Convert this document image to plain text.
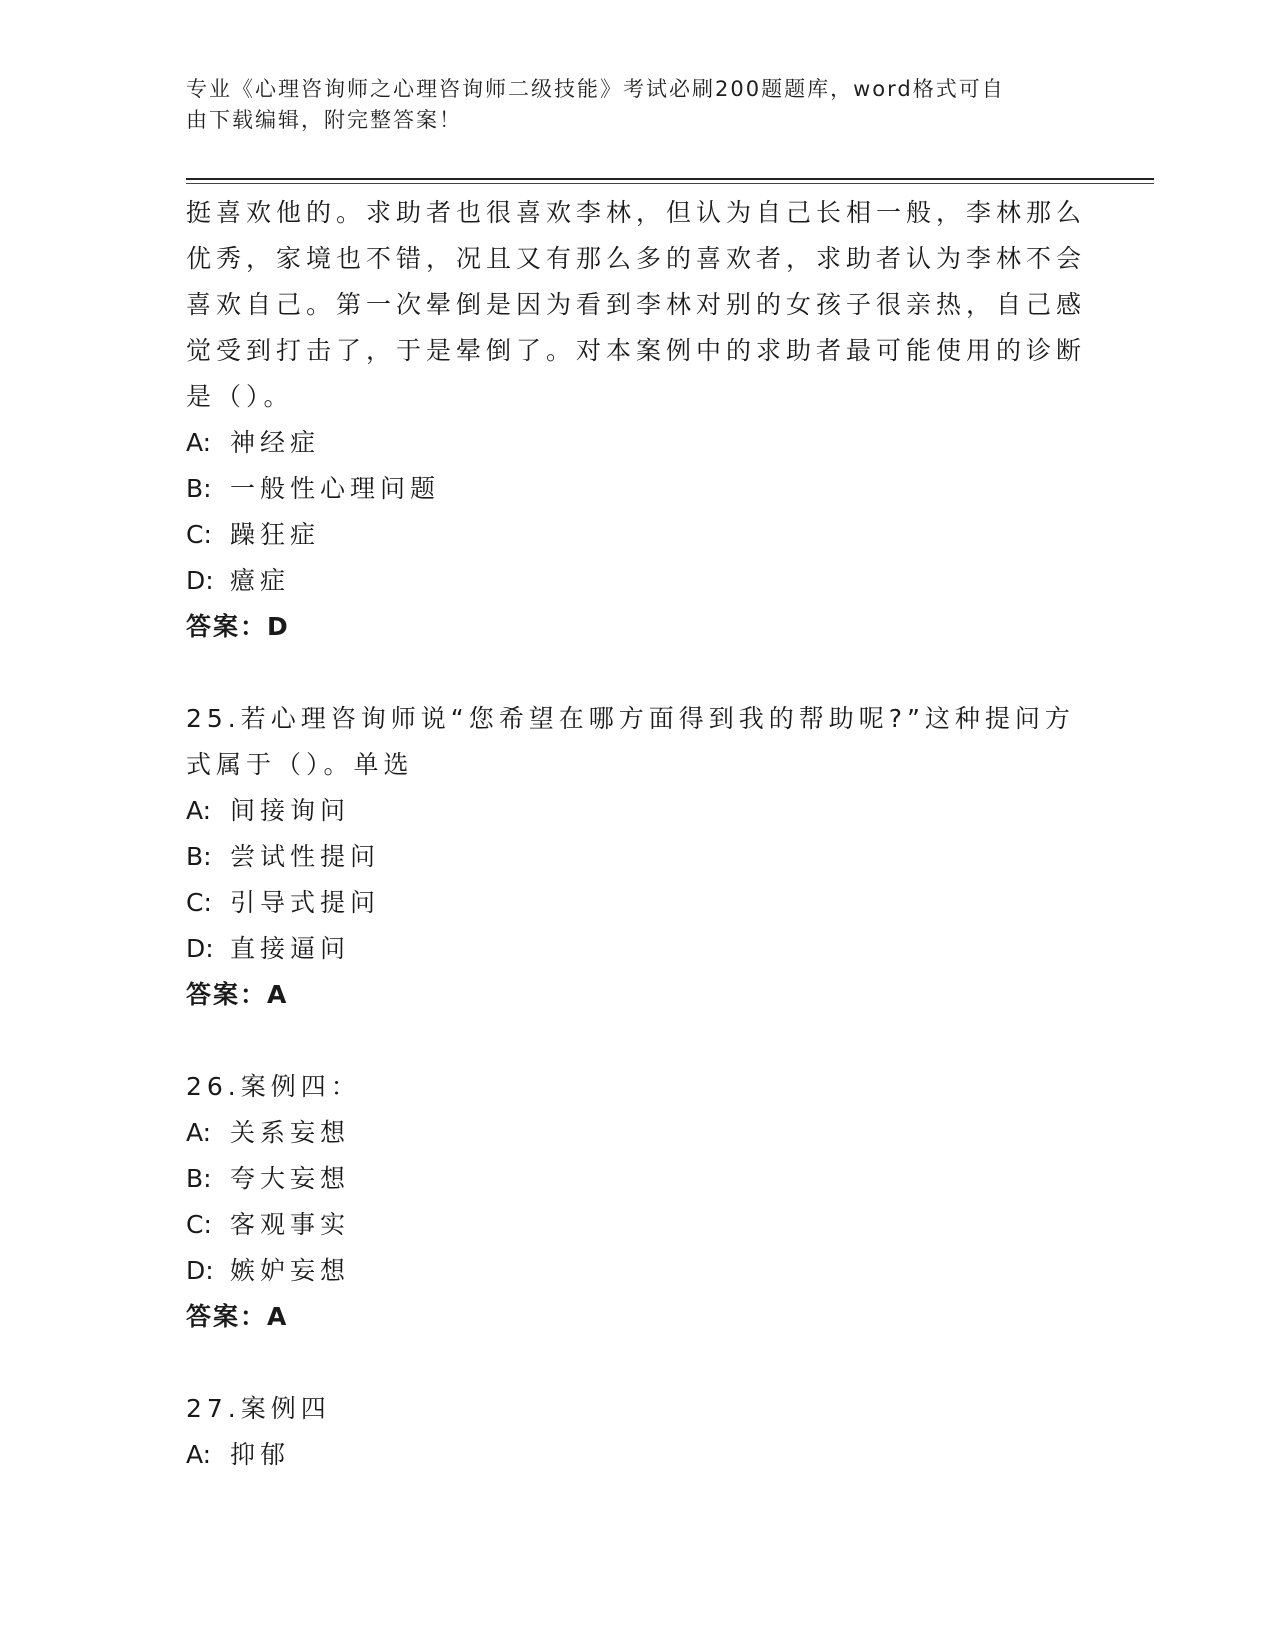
专业《心理咨询师之心理咨询师二级技能》考试必刷200题题库，word格式可自
由下载编辑，附完整答案！
挺喜欢他的。求助者也很喜欢李林，但认为自己长相一般，李林那么
优秀，家境也不错，况且又有那么多的喜欢者，求助者认为李林不会
喜欢自己。第一次晕倒是因为看到李林对别的女孩子很亲热，自己感
觉受到打击了，于是晕倒了。对本案例中的求助者最可能使用的诊断
是（）。
A: 神经症
B: 一般性心理问题
C: 躁狂症
D: 癔症
答案：D
25.若心理咨询师说“您希望在哪方面得到我的帮助呢?”这种提问方
式属于（）。单选
A: 间接询问
B: 尝试性提问
C: 引导式提问
D: 直接逼问
答案：A
26.案例四：
A: 关系妄想
B: 夸大妄想
C: 客观事实
D: 嫉妒妄想
答案：A
27.案例四
A: 抑郁
